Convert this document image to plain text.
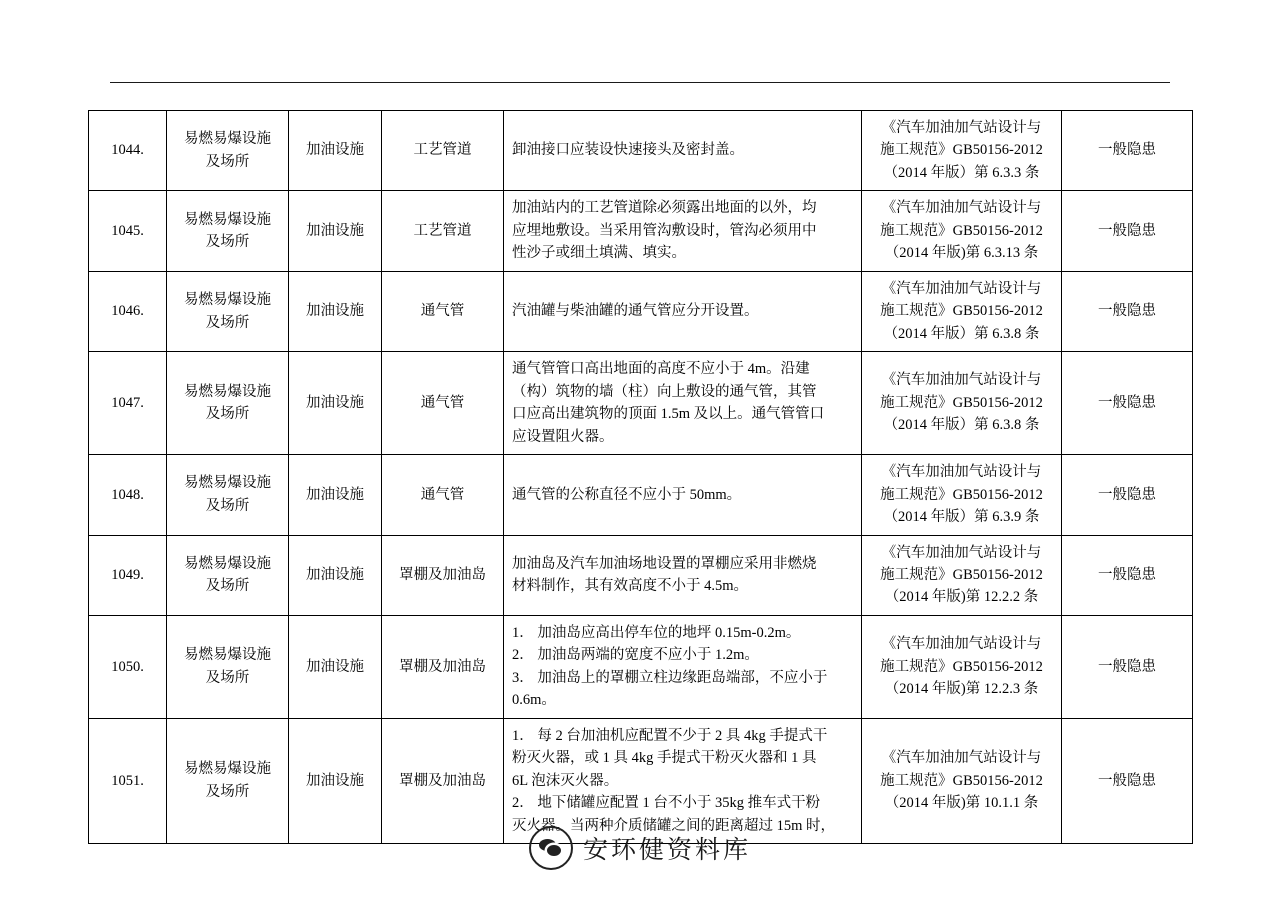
1044.	易燃易爆设施
及场所	加油设施	工艺管道	卸油接口应装设快速接头及密封盖。	《汽车加油加气站设计与
施工规范》GB50156-2012
（2014 年版）第 6.3.3 条	一般隐患
1045.	易燃易爆设施
及场所	加油设施	工艺管道	加油站内的工艺管道除必须露出地面的以外，均
应埋地敷设。当采用管沟敷设时，管沟必须用中
性沙子或细土填满、填实。	《汽车加油加气站设计与
施工规范》GB50156-2012
（2014 年版)第 6.3.13 条	一般隐患
1046.	易燃易爆设施
及场所	加油设施	通气管	汽油罐与柴油罐的通气管应分开设置。	《汽车加油加气站设计与
施工规范》GB50156-2012
（2014 年版）第 6.3.8 条	一般隐患
1047.	易燃易爆设施
及场所	加油设施	通气管	通气管管口高出地面的高度不应小于 4m。沿建
（构）筑物的墙（柱）向上敷设的通气管，其管
口应高出建筑物的顶面 1.5m 及以上。通气管管口
应设置阻火器。	《汽车加油加气站设计与
施工规范》GB50156-2012
（2014 年版）第 6.3.8 条	一般隐患
1048.	易燃易爆设施
及场所	加油设施	通气管	通气管的公称直径不应小于 50mm。	《汽车加油加气站设计与
施工规范》GB50156-2012
（2014 年版）第 6.3.9 条	一般隐患
1049.	易燃易爆设施
及场所	加油设施	罩棚及加油岛	加油岛及汽车加油场地设置的罩棚应采用非燃烧
材料制作，其有效高度不小于 4.5m。	《汽车加油加气站设计与
施工规范》GB50156-2012
（2014 年版)第 12.2.2 条	一般隐患
1050.	易燃易爆设施
及场所	加油设施	罩棚及加油岛	1． 加油岛应高出停车位的地坪 0.15m-0.2m。
2． 加油岛两端的宽度不应小于 1.2m。
3． 加油岛上的罩棚立柱边缘距岛端部，不应小于
0.6m。	《汽车加油加气站设计与
施工规范》GB50156-2012
（2014 年版)第 12.2.3 条	一般隐患
1051.	易燃易爆设施
及场所	加油设施	罩棚及加油岛	1． 每 2 台加油机应配置不少于 2 具 4kg 手提式干
粉灭火器，或 1 具 4kg 手提式干粉灭火器和 1 具
6L 泡沫灭火器。
2． 地下储罐应配置 1 台不小于 35kg 推车式干粉
灭火器。当两种介质储罐之间的距离超过 15m 时，	《汽车加油加气站设计与
施工规范》GB50156-2012
（2014 年版)第 10.1.1 条	一般隐患
安环健资料库
